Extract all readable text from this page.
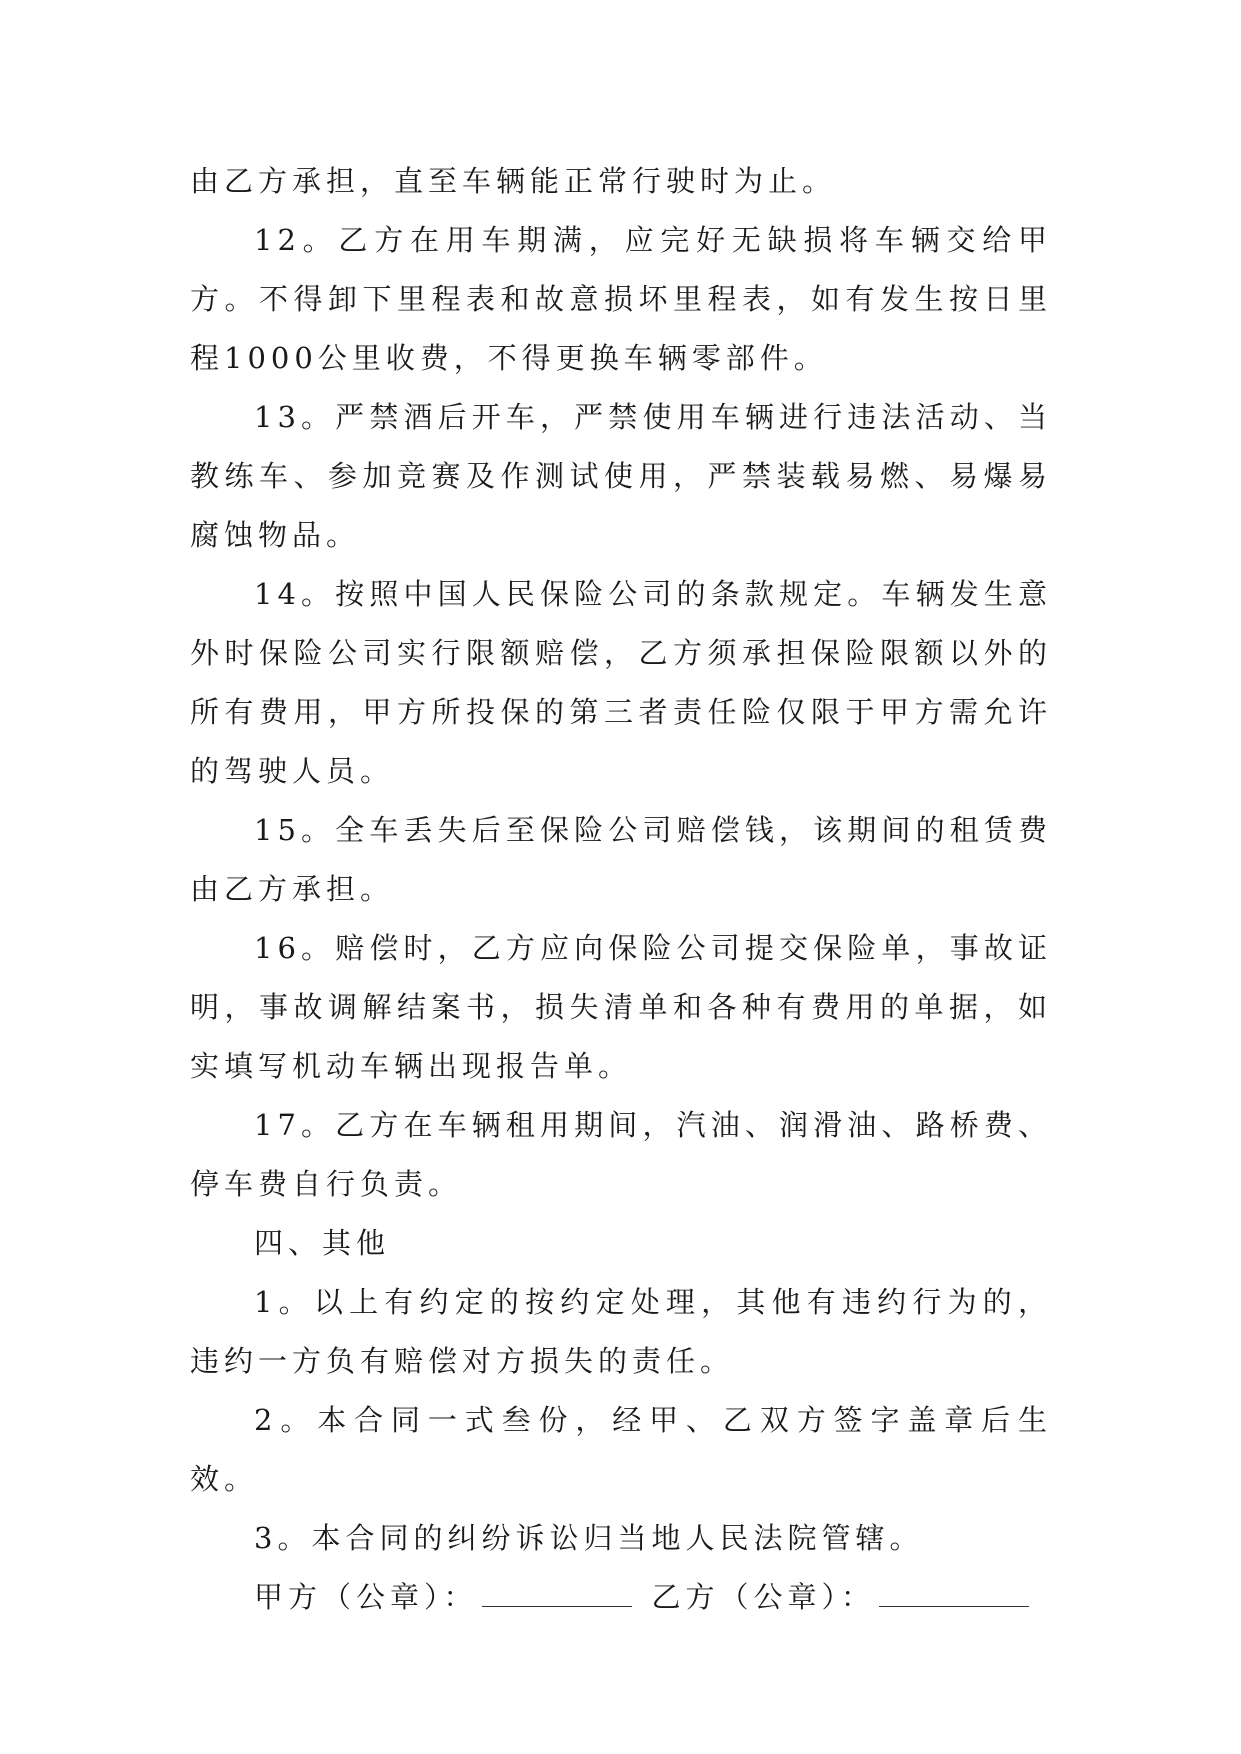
由乙方承担，直至车辆能正常行驶时为止。

12。乙方在用车期满，应完好无缺损将车辆交给甲方。不得卸下里程表和故意损坏里程表，如有发生按日里程1000公里收费，不得更换车辆零部件。

13。严禁酒后开车，严禁使用车辆进行违法活动、当教练车、参加竞赛及作测试使用，严禁装载易燃、易爆易腐蚀物品。

14。按照中国人民保险公司的条款规定。车辆发生意外时保险公司实行限额赔偿，乙方须承担保险限额以外的所有费用，甲方所投保的第三者责任险仅限于甲方需允许的驾驶人员。

15。全车丢失后至保险公司赔偿钱，该期间的租赁费由乙方承担。

16。赔偿时，乙方应向保险公司提交保险单，事故证明，事故调解结案书，损失清单和各种有费用的单据，如实填写机动车辆出现报告单。

17。乙方在车辆租用期间，汽油、润滑油、路桥费、停车费自行负责。

四、其他

1。以上有约定的按约定处理，其他有违约行为的，违约一方负有赔偿对方损失的责任。

2。本合同一式叁份，经甲、乙双方签字盖章后生效。

3。本合同的纠纷诉讼归当地人民法院管辖。

甲方（公章）：	乙方（公章）：
